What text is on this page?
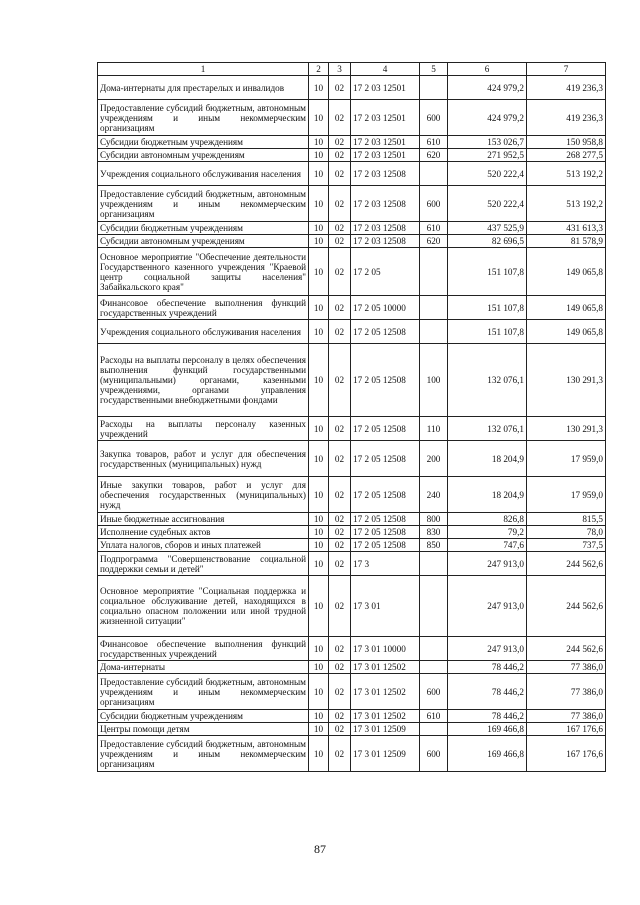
1	2	3	4	5	6	7
Дома-интернаты для престарелых и инвалидов	10	02	17 2 03 12501		424 979,2	419 236,3
Предоставление субсидий бюджетным, автономным учреждениям и иным некоммерческим организациям	10	02	17 2 03 12501	600	424 979,2	419 236,3
Субсидии бюджетным учреждениям	10	02	17 2 03 12501	610	153 026,7	150 958,8
Субсидии автономным учреждениям	10	02	17 2 03 12501	620	271 952,5	268 277,5
Учреждения социального обслуживания населения	10	02	17 2 03 12508		520 222,4	513 192,2
Предоставление субсидий бюджетным, автономным учреждениям и иным некоммерческим организациям	10	02	17 2 03 12508	600	520 222,4	513 192,2
Субсидии бюджетным учреждениям	10	02	17 2 03 12508	610	437 525,9	431 613,3
Субсидии автономным учреждениям	10	02	17 2 03 12508	620	82 696,5	81 578,9
Основное мероприятие "Обеспечение деятельности Государственного казенного учреждения "Краевой центр социальной защиты населения" Забайкальского края"	10	02	17 2 05		151 107,8	149 065,8
Финансовое обеспечение выполнения функций государственных учреждений	10	02	17 2 05 10000		151 107,8	149 065,8
Учреждения социального обслуживания населения	10	02	17 2 05 12508		151 107,8	149 065,8
Расходы на выплаты персоналу в целях обеспечения выполнения функций государственными (муниципальными) органами, казенными учреждениями, органами управления государственными внебюджетными фондами	10	02	17 2 05 12508	100	132 076,1	130 291,3
Расходы на выплаты персоналу казенных учреждений	10	02	17 2 05 12508	110	132 076,1	130 291,3
Закупка товаров, работ и услуг для обеспечения государственных (муниципальных) нужд	10	02	17 2 05 12508	200	18 204,9	17 959,0
Иные закупки товаров, работ и услуг для обеспечения государственных (муниципальных) нужд	10	02	17 2 05 12508	240	18 204,9	17 959,0
Иные бюджетные ассигнования	10	02	17 2 05 12508	800	826,8	815,5
Исполнение судебных актов	10	02	17 2 05 12508	830	79,2	78,0
Уплата налогов, сборов и иных платежей	10	02	17 2 05 12508	850	747,6	737,5
Подпрограмма "Совершенствование социальной поддержки семьи и детей"	10	02	17 3		247 913,0	244 562,6
Основное мероприятие "Социальная поддержка и социальное обслуживание детей, находящихся в социально опасном положении или иной трудной жизненной ситуации"	10	02	17 3 01		247 913,0	244 562,6
Финансовое обеспечение выполнения функций государственных учреждений	10	02	17 3 01 10000		247 913,0	244 562,6
Дома-интернаты	10	02	17 3 01 12502		78 446,2	77 386,0
Предоставление субсидий бюджетным, автономным учреждениям и иным некоммерческим организациям	10	02	17 3 01 12502	600	78 446,2	77 386,0
Субсидии бюджетным учреждениям	10	02	17 3 01 12502	610	78 446,2	77 386,0
Центры помощи детям	10	02	17 3 01 12509		169 466,8	167 176,6
Предоставление субсидий бюджетным, автономным учреждениям и иным некоммерческим организациям	10	02	17 3 01 12509	600	169 466,8	167 176,6
87
